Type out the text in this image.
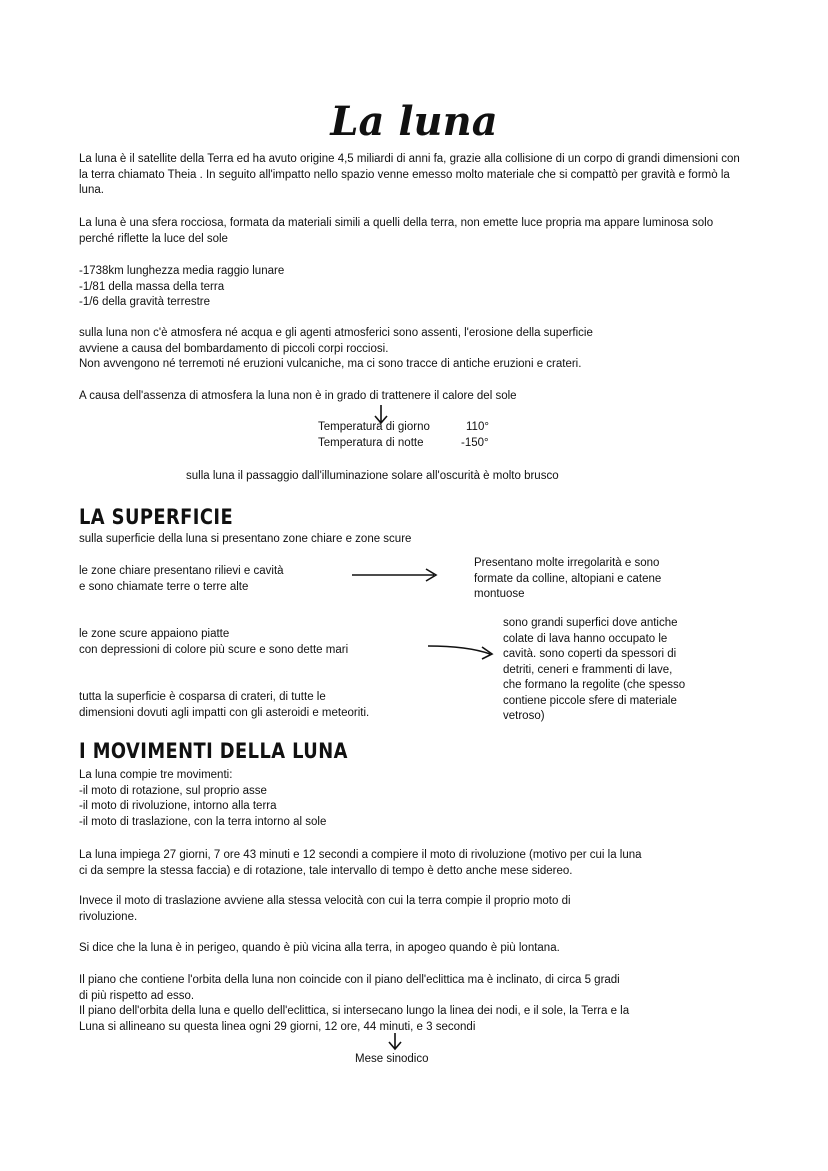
La luna

La luna è il satellite della Terra ed ha avuto origine 4,5 miliardi di anni fa, grazie alla collisione di un corpo di grandi dimensioni con la terra chiamato Theia . In seguito all'impatto nello spazio venne emesso molto materiale che si compattò per gravità e formò la luna.

La luna è una sfera rocciosa, formata da materiali simili a quelli della terra, non emette luce propria ma appare luminosa solo perché riflette la luce del sole

-1738km lunghezza media raggio lunare
-1/81 della massa della terra
-1/6 della gravità terrestre
sulla luna non c'è atmosfera né acqua e gli agenti atmosferici sono assenti, l'erosione della superficie
avviene a causa del bombardamento di piccoli corpi rocciosi.
Non avvengono né terremoti né eruzioni vulcaniche, ma ci sono tracce di antiche eruzioni e crateri.

A causa dell'assenza di atmosfera la luna non è in grado di trattenere il calore del sole

Temperatura di giorno	110°
Temperatura di notte	-150°

sulla luna il passaggio dall'illuminazione solare all'oscurità è molto brusco

LA SUPERFICIE

sulla superficie della luna si presentano zone chiare e zone scure

le zone chiare presentano rilievi e cavità
e sono chiamate terre o terre alte
Presentano molte irregolarità e sono
formate da colline, altopiani e catene
montuose
le zone scure appaiono piatte
con depressioni di colore più scure e sono dette mari
sono grandi superfici dove antiche
colate di lava hanno occupato le
cavità. sono coperti da spessori di
detriti, ceneri e frammenti di lave,
che formano la regolite (che spesso
contiene piccole sfere di materiale
vetroso)
tutta la superficie è cosparsa di crateri, di tutte le
dimensioni dovuti agli impatti con gli asteroidi e meteoriti.
I MOVIMENTI DELLA LUNA
La luna compie tre movimenti:
-il moto di rotazione, sul proprio asse
-il moto di rivoluzione, intorno alla terra
-il moto di traslazione, con la terra intorno al sole
La luna impiega 27 giorni, 7 ore 43 minuti e 12 secondi a compiere il moto di rivoluzione (motivo per cui la luna
ci da sempre la stessa faccia) e di rotazione, tale intervallo di tempo è detto anche mese sidereo.
Invece il moto di traslazione avviene alla stessa velocità con cui la terra compie il proprio moto di
rivoluzione.

Si dice che la luna è in perigeo, quando è più vicina alla terra, in apogeo quando è più lontana.

Il piano che contiene l'orbita della luna non coincide con il piano dell'eclittica ma è inclinato, di circa 5 gradi
di più rispetto ad esso.
Il piano dell'orbita della luna e quello dell'eclittica, si intersecano lungo la linea dei nodi, e il sole, la Terra e la
Luna si allineano su questa linea ogni 29 giorni, 12 ore, 44 minuti, e 3 secondi

Mese sinodico
